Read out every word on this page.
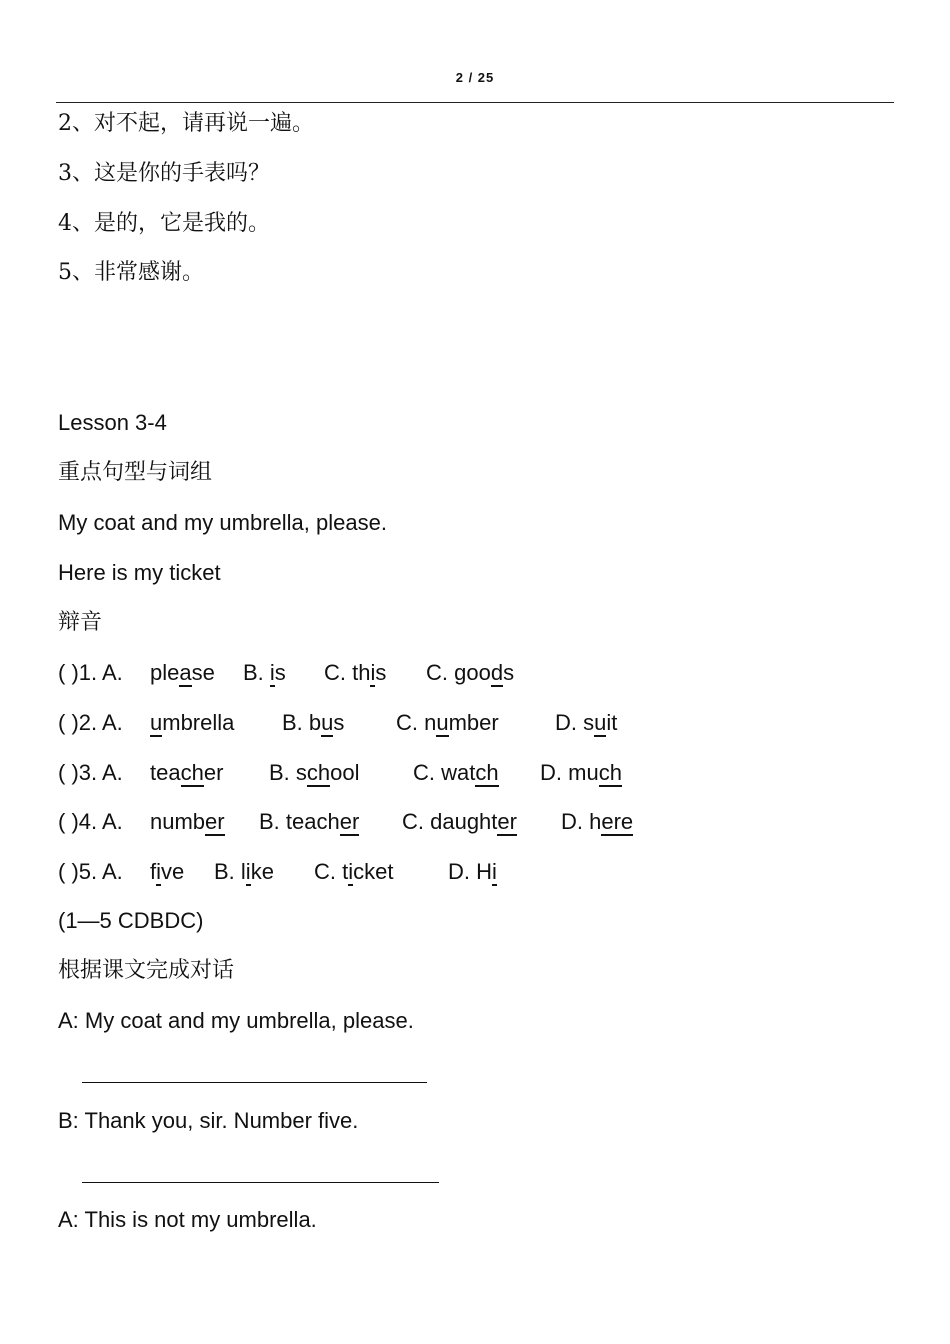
2 / 25
2、对不起，请再说一遍。
3、这是你的手表吗？
4、是的，它是我的。
5、非常感谢。
Lesson 3-4
重点句型与词组
My coat and my umbrella, please.
Here is my ticket
辩音
( )1. A. please B. is C. this C. goods
( )2. A. umbrella B. bus C. number	D. suit
( )3. A. teacher B. school C. watch D. much
( )4. A. number B. teacher C. daughter D. here
( )5. A. five B. like C. ticket D. Hi
(1—5 CDBDC)
根据课文完成对话
A: My coat and my umbrella, please.
B: Thank you, sir. Number five.
A: This is not my umbrella.
